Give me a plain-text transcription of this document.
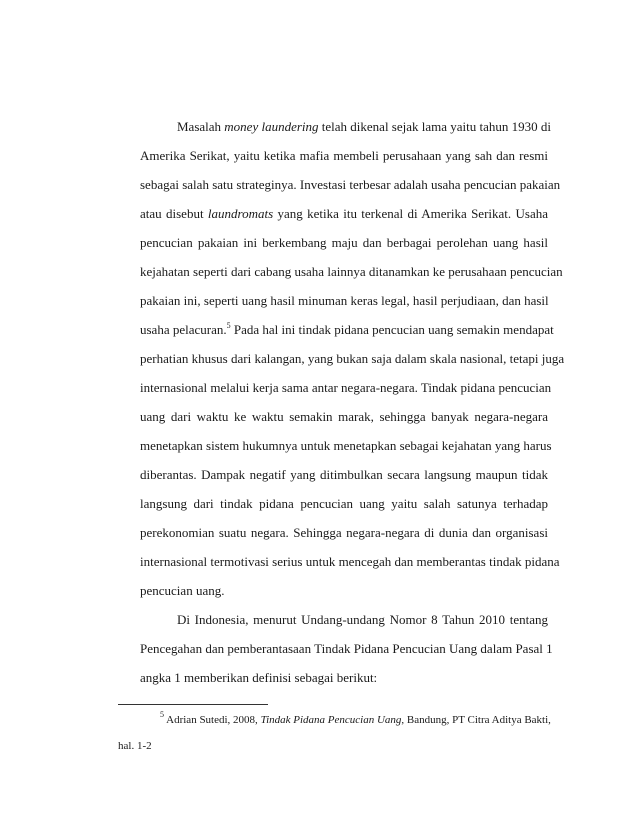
Masalah money laundering telah dikenal sejak lama yaitu tahun 1930 di
Amerika Serikat, yaitu ketika mafia membeli perusahaan yang sah dan resmi
sebagai salah satu strateginya. Investasi terbesar adalah usaha pencucian pakaian
atau disebut laundromats yang ketika itu terkenal di Amerika Serikat. Usaha
pencucian pakaian ini berkembang maju dan berbagai perolehan uang hasil
kejahatan seperti dari cabang usaha lainnya ditanamkan ke perusahaan pencucian
pakaian ini, seperti uang hasil minuman keras legal, hasil perjudiaan, dan hasil
usaha pelacuran.$^5$ Pada hal ini tindak pidana pencucian uang semakin mendapat
perhatian khusus dari kalangan, yang bukan saja dalam skala nasional, tetapi juga
internasional melalui kerja sama antar negara-negara. Tindak pidana pencucian
uang dari waktu ke waktu semakin marak, sehingga banyak negara-negara
menetapkan sistem hukumnya untuk menetapkan sebagai kejahatan yang harus
diberantas. Dampak negatif yang ditimbulkan secara langsung maupun tidak
langsung dari tindak pidana pencucian uang yaitu salah satunya terhadap
perekonomian suatu negara. Sehingga negara-negara di dunia dan organisasi
internasional termotivasi serius untuk mencegah dan memberantas tindak pidana
pencucian uang.
Di Indonesia, menurut Undang-undang Nomor 8 Tahun 2010 tentang
Pencegahan dan pemberantasaan Tindak Pidana Pencucian Uang dalam Pasal 1
angka 1 memberikan definisi sebagai berikut:
$^5$ Adrian Sutedi, 2008, Tindak Pidana Pencucian Uang, Bandung, PT Citra Aditya Bakti,
hal. 1-2
